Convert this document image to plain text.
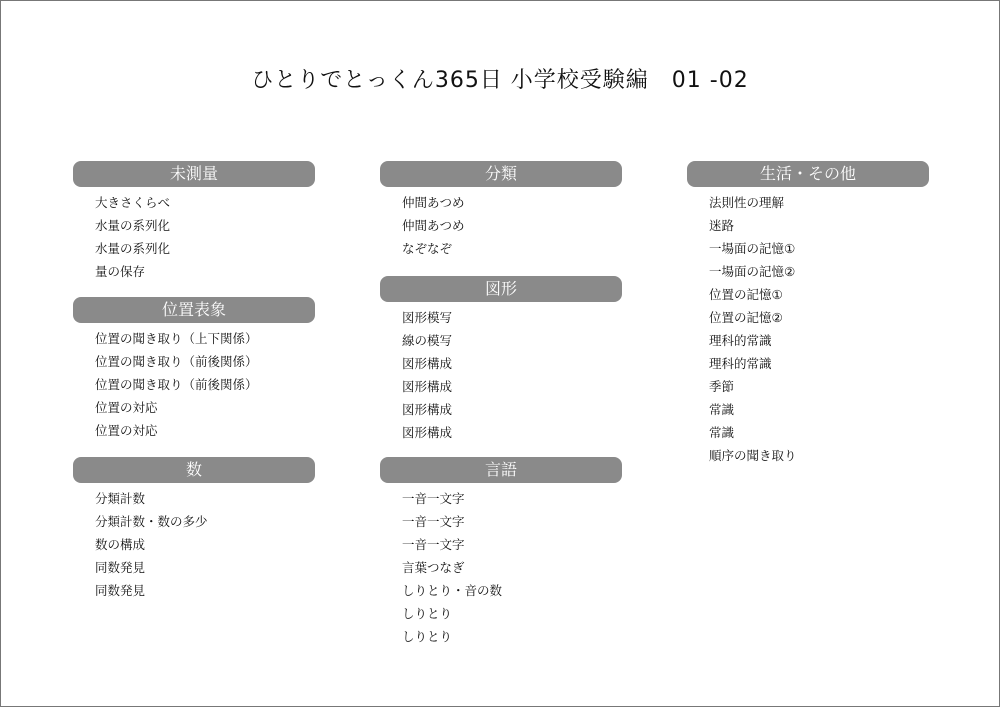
ひとりでとっくん365日 小学校受験編　01 -02
未測量
大きさくらべ
水量の系列化
水量の系列化
量の保存
位置表象
位置の聞き取り（上下関係）
位置の聞き取り（前後関係）
位置の聞き取り（前後関係）
位置の対応
位置の対応
数
分類計数
分類計数・数の多少
数の構成
同数発見
同数発見
分類
仲間あつめ
仲間あつめ
なぞなぞ
図形
図形模写
線の模写
図形構成
図形構成
図形構成
図形構成
言語
一音一文字
一音一文字
一音一文字
言葉つなぎ
しりとり・音の数
しりとり
しりとり
生活・その他
法則性の理解
迷路
一場面の記憶①
一場面の記憶②
位置の記憶①
位置の記憶②
理科的常識
理科的常識
季節
常識
常識
順序の聞き取り
